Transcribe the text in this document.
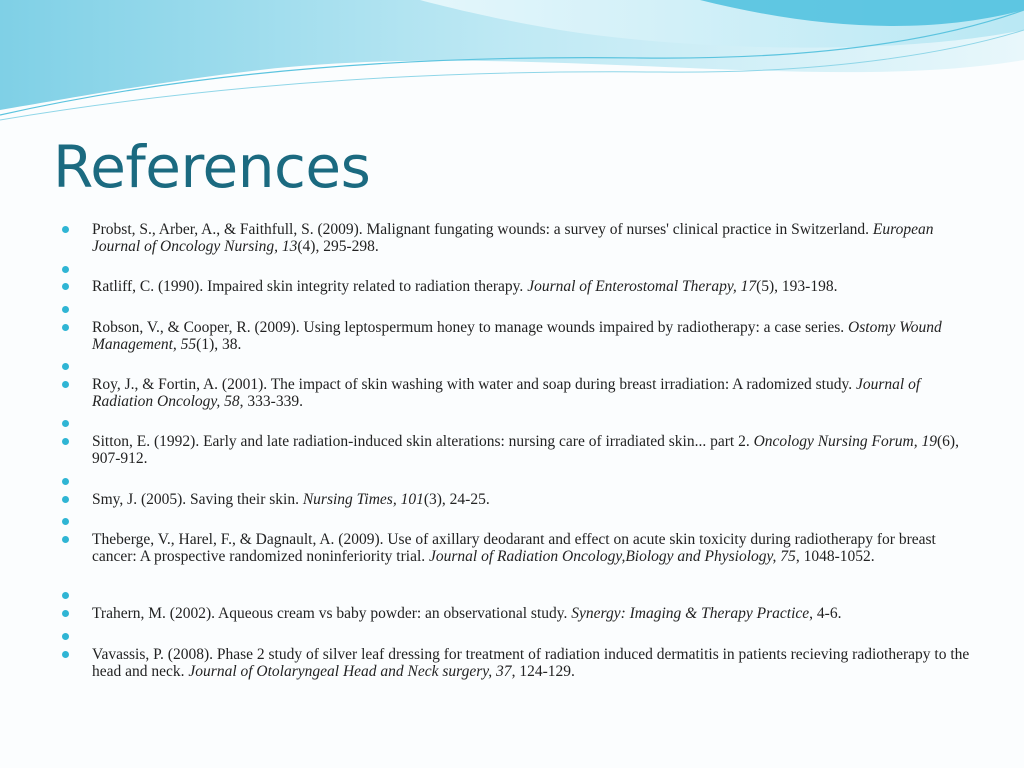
References
Probst, S., Arber, A., & Faithfull, S. (2009). Malignant fungating wounds: a survey of nurses' clinical practice in Switzerland. European Journal of Oncology Nursing, 13(4), 295-298.
Ratliff, C. (1990). Impaired skin integrity related to radiation therapy. Journal of Enterostomal Therapy, 17(5), 193-198.
Robson, V., & Cooper, R. (2009). Using leptospermum honey to manage wounds impaired by radiotherapy: a case series. Ostomy Wound Management, 55(1), 38.
Roy, J., & Fortin, A. (2001). The impact of skin washing with water and soap during breast irradiation: A radomized study. Journal of Radiation Oncology, 58, 333-339.
Sitton, E. (1992). Early and late radiation-induced skin alterations: nursing care of irradiated skin... part 2. Oncology Nursing Forum, 19(6), 907-912.
Smy, J. (2005). Saving their skin. Nursing Times, 101(3), 24-25.
Theberge, V., Harel, F., & Dagnault, A. (2009). Use of axillary deodarant and effect on acute skin toxicity during radiotherapy for breast cancer: A prospective randomized noninferiority trial. Journal of Radiation Oncology,Biology and Physiology, 75, 1048-1052.
Trahern, M. (2002). Aqueous cream vs baby powder: an observational study. Synergy: Imaging & Therapy Practice, 4-6.
Vavassis, P. (2008). Phase 2 study of silver leaf dressing for treatment of radiation induced dermatitis in patients recieving radiotherapy to the head and neck. Journal of Otolaryngeal Head and Neck surgery, 37, 124-129.
